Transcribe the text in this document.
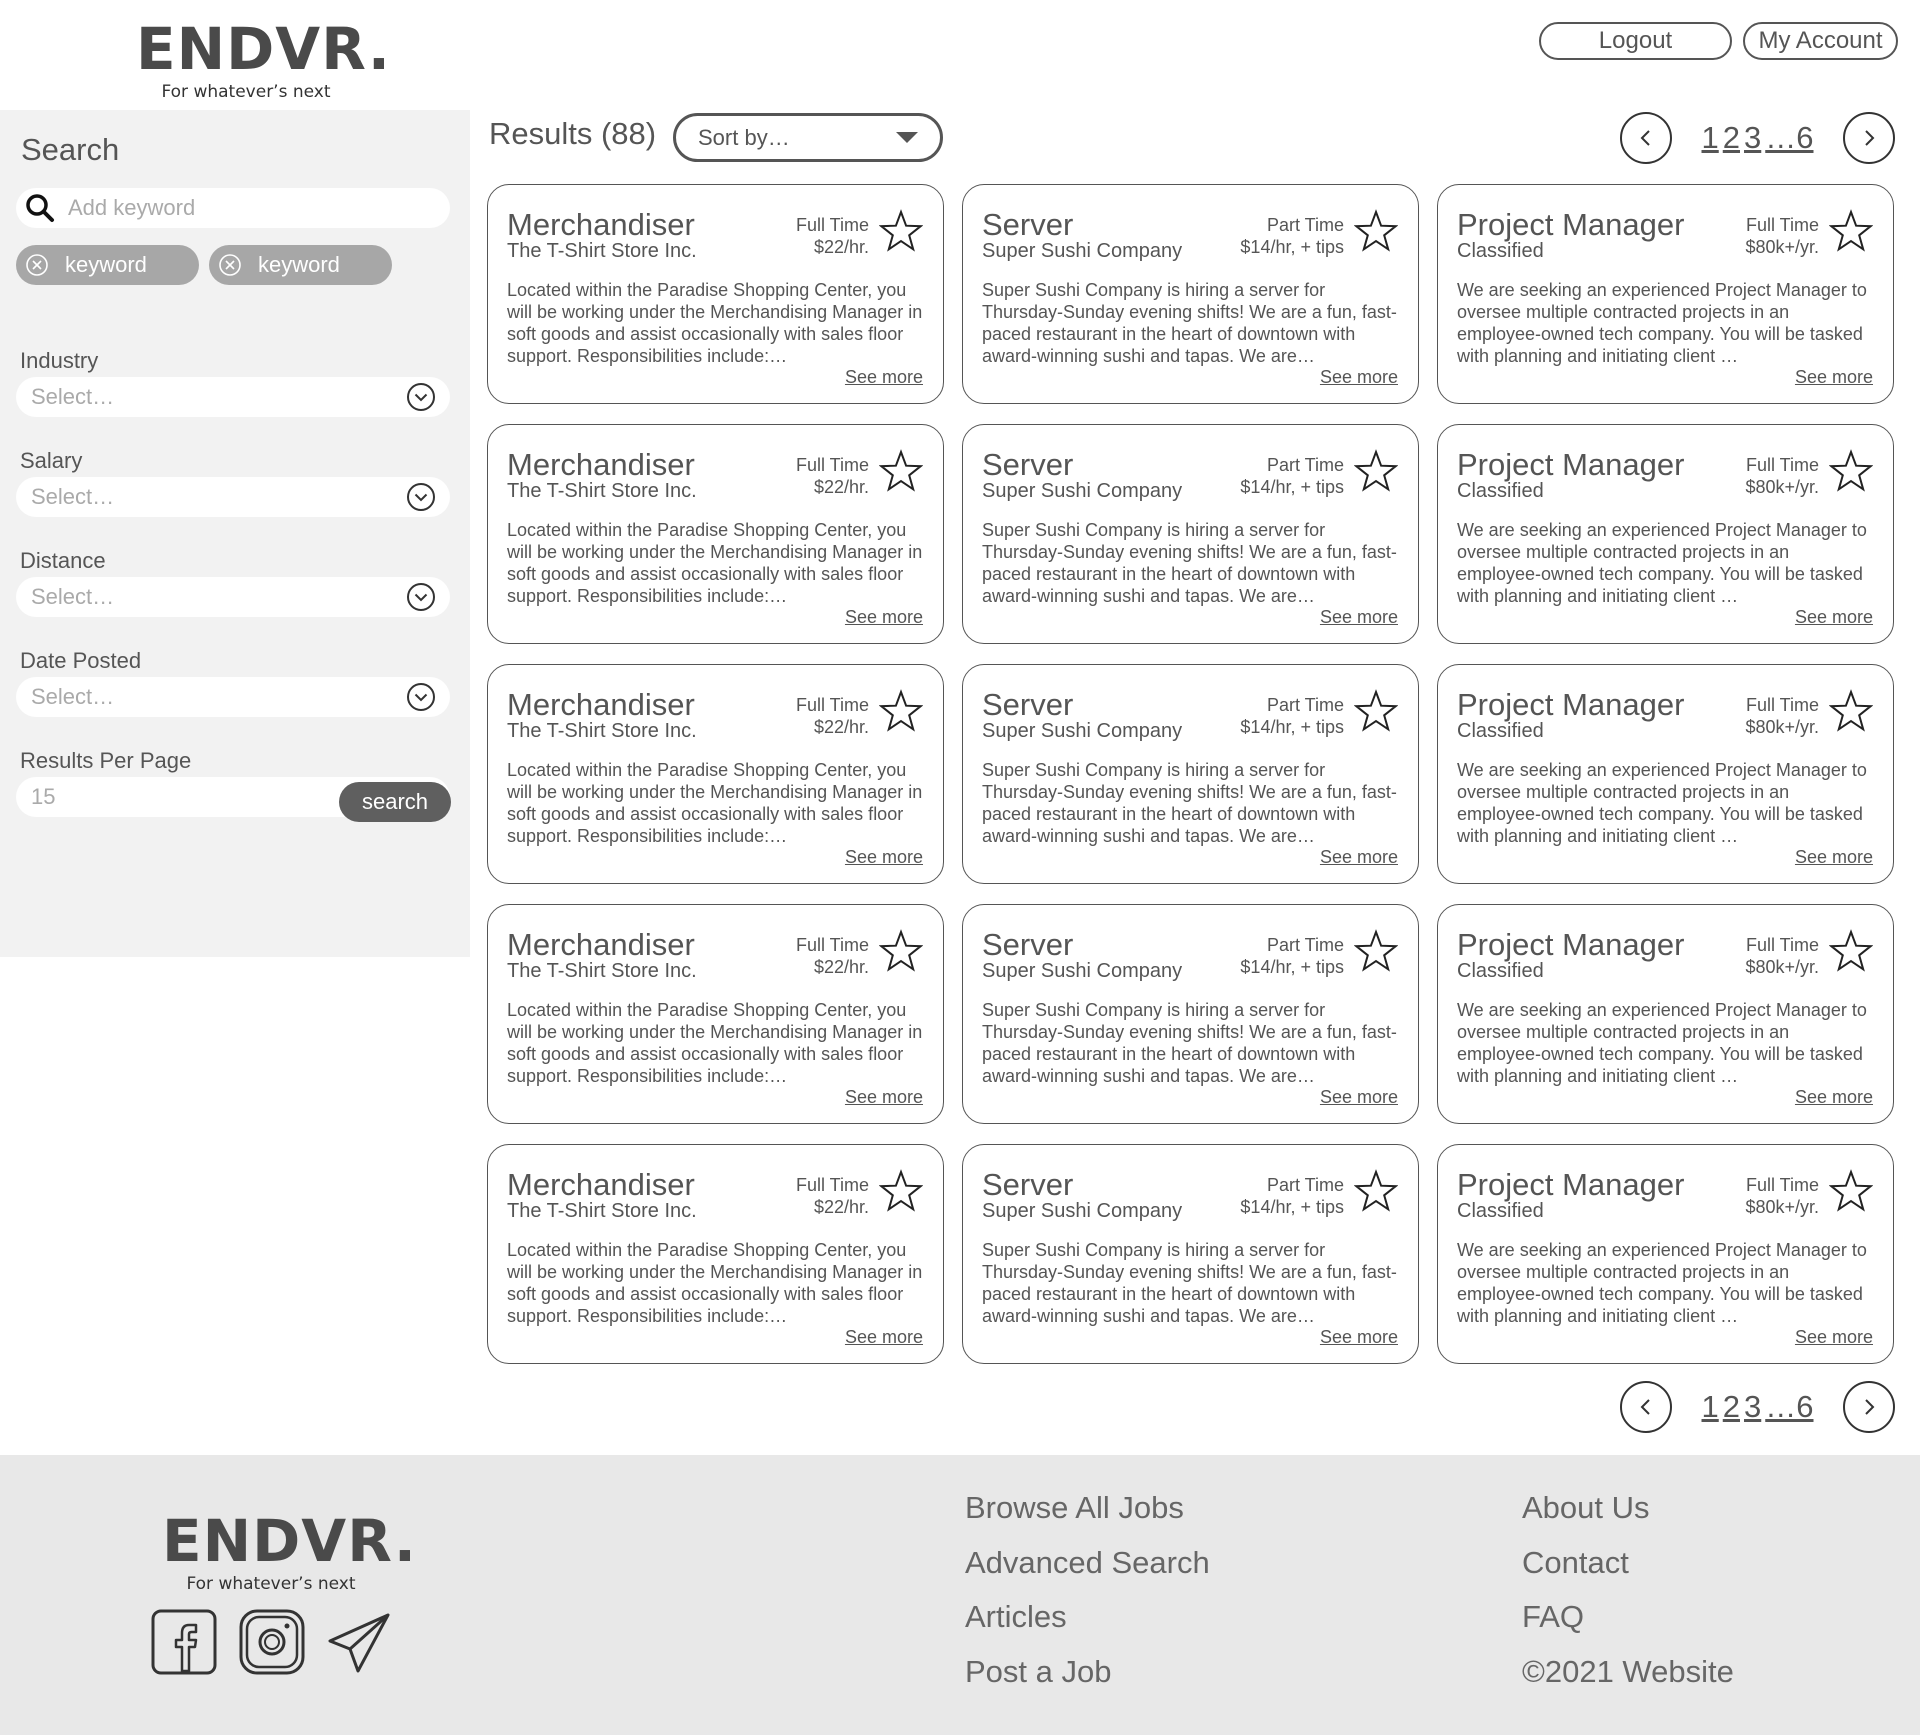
ENDVR.
For whatever’s next
Logout	My Account
Search
Add keyword
keyword	keyword
Industry
Select…
Salary
Select…
Distance
Select…
Date Posted
Select…
Results Per Page
15	search
Results (88) Sort by…	1 2 3 …6
Merchandiser
The T-Shirt Store Inc.
Full Time
$22/hr.
Located within the Paradise Shopping Center, you will be working under the Merchandising Manager in soft goods and assist occasionally with sales floor support. Responsibilities include:…
See more
Server
Super Sushi Company
Part Time
$14/hr, + tips
Super Sushi Company is hiring a server for Thursday-Sunday evening shifts! We are a fun, fast-paced restaurant in the heart of downtown with award-winning sushi and tapas. We are…
See more
Project Manager
Classified
Full Time
$80k+/yr.
We are seeking an experienced Project Manager to oversee multiple contracted projects in an employee-owned tech company. You will be tasked with planning and initiating client …
See more
Merchandiser
The T-Shirt Store Inc.
Full Time
$22/hr.
Located within the Paradise Shopping Center, you will be working under the Merchandising Manager in soft goods and assist occasionally with sales floor support. Responsibilities include:…
See more
Server
Super Sushi Company
Part Time
$14/hr, + tips
Super Sushi Company is hiring a server for Thursday-Sunday evening shifts! We are a fun, fast-paced restaurant in the heart of downtown with award-winning sushi and tapas. We are…
See more
Project Manager
Classified
Full Time
$80k+/yr.
We are seeking an experienced Project Manager to oversee multiple contracted projects in an employee-owned tech company. You will be tasked with planning and initiating client …
See more
Merchandiser
The T-Shirt Store Inc.
Full Time
$22/hr.
Located within the Paradise Shopping Center, you will be working under the Merchandising Manager in soft goods and assist occasionally with sales floor support. Responsibilities include:…
See more
Server
Super Sushi Company
Part Time
$14/hr, + tips
Super Sushi Company is hiring a server for Thursday-Sunday evening shifts! We are a fun, fast-paced restaurant in the heart of downtown with award-winning sushi and tapas. We are…
See more
Project Manager
Classified
Full Time
$80k+/yr.
We are seeking an experienced Project Manager to oversee multiple contracted projects in an employee-owned tech company. You will be tasked with planning and initiating client …
See more
Merchandiser
The T-Shirt Store Inc.
Full Time
$22/hr.
Located within the Paradise Shopping Center, you will be working under the Merchandising Manager in soft goods and assist occasionally with sales floor support. Responsibilities include:…
See more
Server
Super Sushi Company
Part Time
$14/hr, + tips
Super Sushi Company is hiring a server for Thursday-Sunday evening shifts! We are a fun, fast-paced restaurant in the heart of downtown with award-winning sushi and tapas. We are…
See more
Project Manager
Classified
Full Time
$80k+/yr.
We are seeking an experienced Project Manager to oversee multiple contracted projects in an employee-owned tech company. You will be tasked with planning and initiating client …
See more
Merchandiser
The T-Shirt Store Inc.
Full Time
$22/hr.
Located within the Paradise Shopping Center, you will be working under the Merchandising Manager in soft goods and assist occasionally with sales floor support. Responsibilities include:…
See more
Server
Super Sushi Company
Part Time
$14/hr, + tips
Super Sushi Company is hiring a server for Thursday-Sunday evening shifts! We are a fun, fast-paced restaurant in the heart of downtown with award-winning sushi and tapas. We are…
See more
Project Manager
Classified
Full Time
$80k+/yr.
We are seeking an experienced Project Manager to oversee multiple contracted projects in an employee-owned tech company. You will be tasked with planning and initiating client …
See more
1 2 3 …6
ENDVR.
For whatever’s next
Browse All Jobs
Advanced Search
Articles
Post a Job
About Us
Contact
FAQ
©2021 Website
